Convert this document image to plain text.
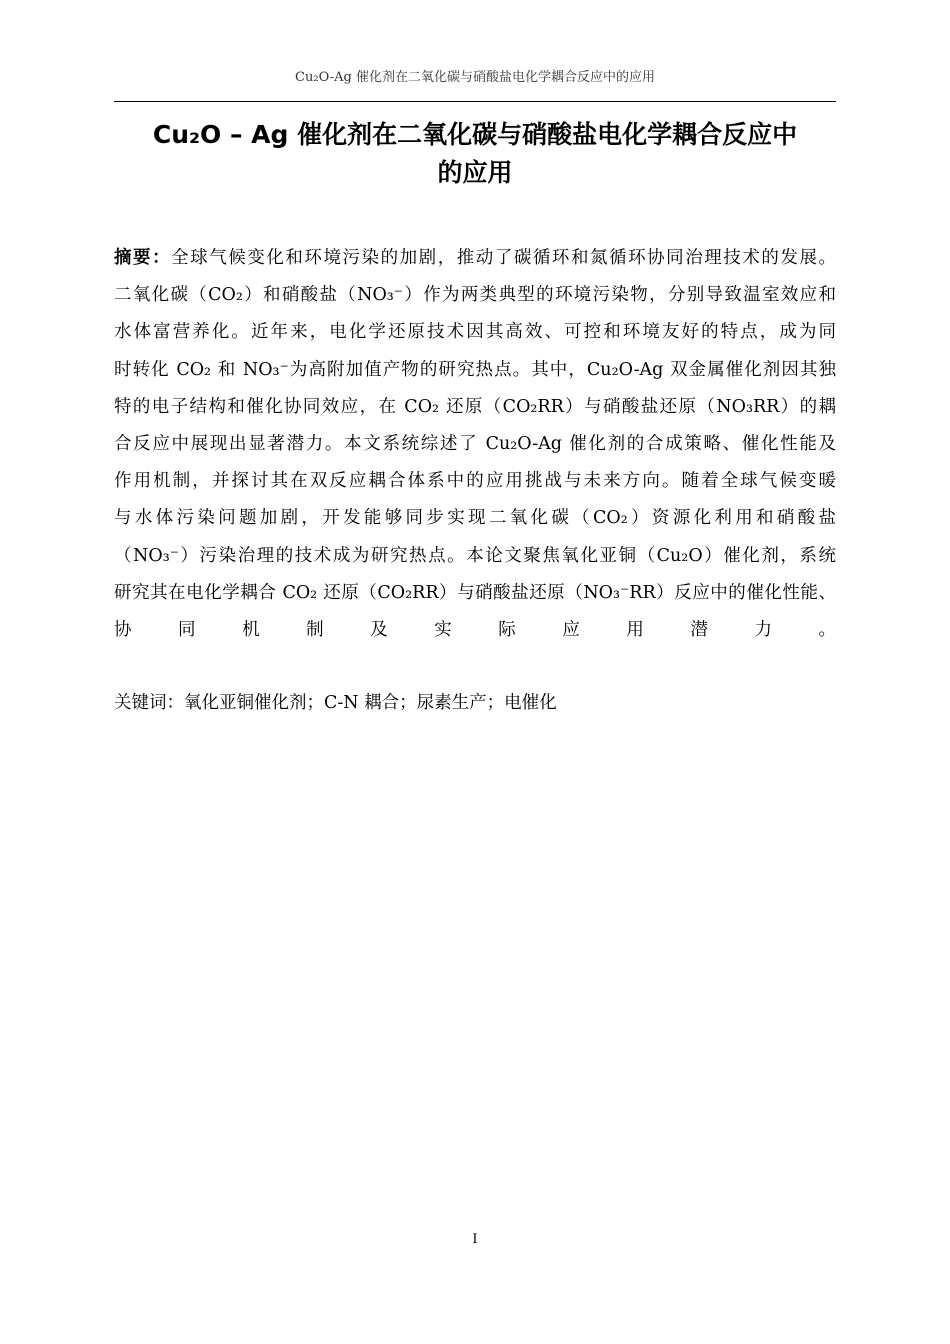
Cu₂O-Ag 催化剂在二氧化碳与硝酸盐电化学耦合反应中的应用
Cu₂O – Ag 催化剂在二氧化碳与硝酸盐电化学耦合反应中
的应用
摘要：全球气候变化和环境污染的加剧，推动了碳循环和氮循环协同治理技术的发展。
二氧化碳（CO₂）和硝酸盐（NO₃⁻）作为两类典型的环境污染物，分别导致温室效应和
水体富营养化。近年来，电化学还原技术因其高效、可控和环境友好的特点，成为同
时转化 CO₂ 和 NO₃⁻为高附加值产物的研究热点。其中，Cu₂O-Ag 双金属催化剂因其独
特的电子结构和催化协同效应，在 CO₂ 还原（CO₂RR）与硝酸盐还原（NO₃RR）的耦
合反应中展现出显著潜力。本文系统综述了 Cu₂O-Ag 催化剂的合成策略、催化性能及
作用机制，并探讨其在双反应耦合体系中的应用挑战与未来方向。随着全球气候变暖
与水体污染问题加剧，开发能够同步实现二氧化碳（CO₂）资源化利用和硝酸盐
（NO₃⁻）污染治理的技术成为研究热点。本论文聚焦氧化亚铜（Cu₂O）催化剂，系统
研究其在电化学耦合 CO₂ 还原（CO₂RR）与硝酸盐还原（NO₃⁻RR）反应中的催化性能、
协　　同　　机　　制　　及　　实　　际　　应　　用　　潜　　力　　。
关键词：氧化亚铜催化剂；C-N 耦合；尿素生产；电催化
I
